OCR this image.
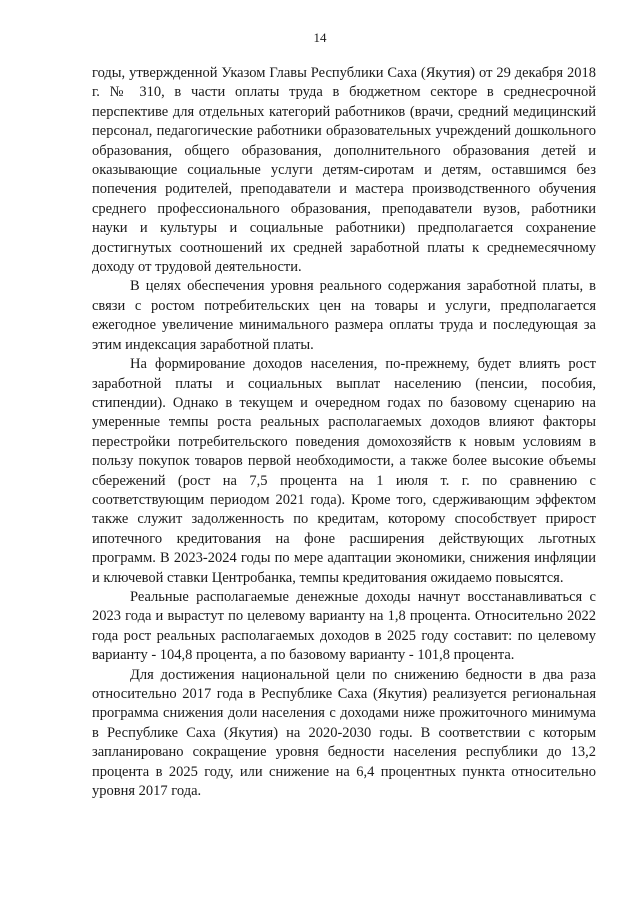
14

годы, утвержденной Указом Главы Республики Саха (Якутия) от 29 декабря 2018 г. № 310, в части оплаты труда в бюджетном секторе в среднесрочной перспективе для отдельных категорий работников (врачи, средний медицинский персонал, педагогические работники образовательных учреждений дошкольного образования, общего образования, дополнительного образования детей и оказывающие социальные услуги детям-сиротам и детям, оставшимся без попечения родителей, преподаватели и мастера производственного обучения среднего профессионального образования, преподаватели вузов, работники науки и культуры и социальные работники) предполагается сохранение достигнутых соотношений их средней заработной платы к среднемесячному доходу от трудовой деятельности.

В целях обеспечения уровня реального содержания заработной платы, в связи с ростом потребительских цен на товары и услуги, предполагается ежегодное увеличение минимального размера оплаты труда и последующая за этим индексация заработной платы.

На формирование доходов населения, по-прежнему, будет влиять рост заработной платы и социальных выплат населению (пенсии, пособия, стипендии). Однако в текущем и очередном годах по базовому сценарию на умеренные темпы роста реальных располагаемых доходов влияют факторы перестройки потребительского поведения домохозяйств к новым условиям в пользу покупок товаров первой необходимости, а также более высокие объемы сбережений (рост на 7,5 процента на 1 июля т. г. по сравнению с соответствующим периодом 2021 года). Кроме того, сдерживающим эффектом также служит задолженность по кредитам, которому способствует прирост ипотечного кредитования на фоне расширения действующих льготных программ. В 2023-2024 годы по мере адаптации экономики, снижения инфляции и ключевой ставки Центробанка, темпы кредитования ожидаемо повысятся.

Реальные располагаемые денежные доходы начнут восстанавливаться с 2023 года и вырастут по целевому варианту на 1,8 процента. Относительно 2022 года рост реальных располагаемых доходов в 2025 году составит: по целевому варианту - 104,8 процента, а по базовому варианту - 101,8 процента.

Для достижения национальной цели по снижению бедности в два раза относительно 2017 года в Республике Саха (Якутия) реализуется региональная программа снижения доли населения с доходами ниже прожиточного минимума в Республике Саха (Якутия) на 2020-2030 годы. В соответствии с которым запланировано сокращение уровня бедности населения республики до 13,2 процента в 2025 году, или снижение на 6,4 процентных пункта относительно уровня 2017 года.
